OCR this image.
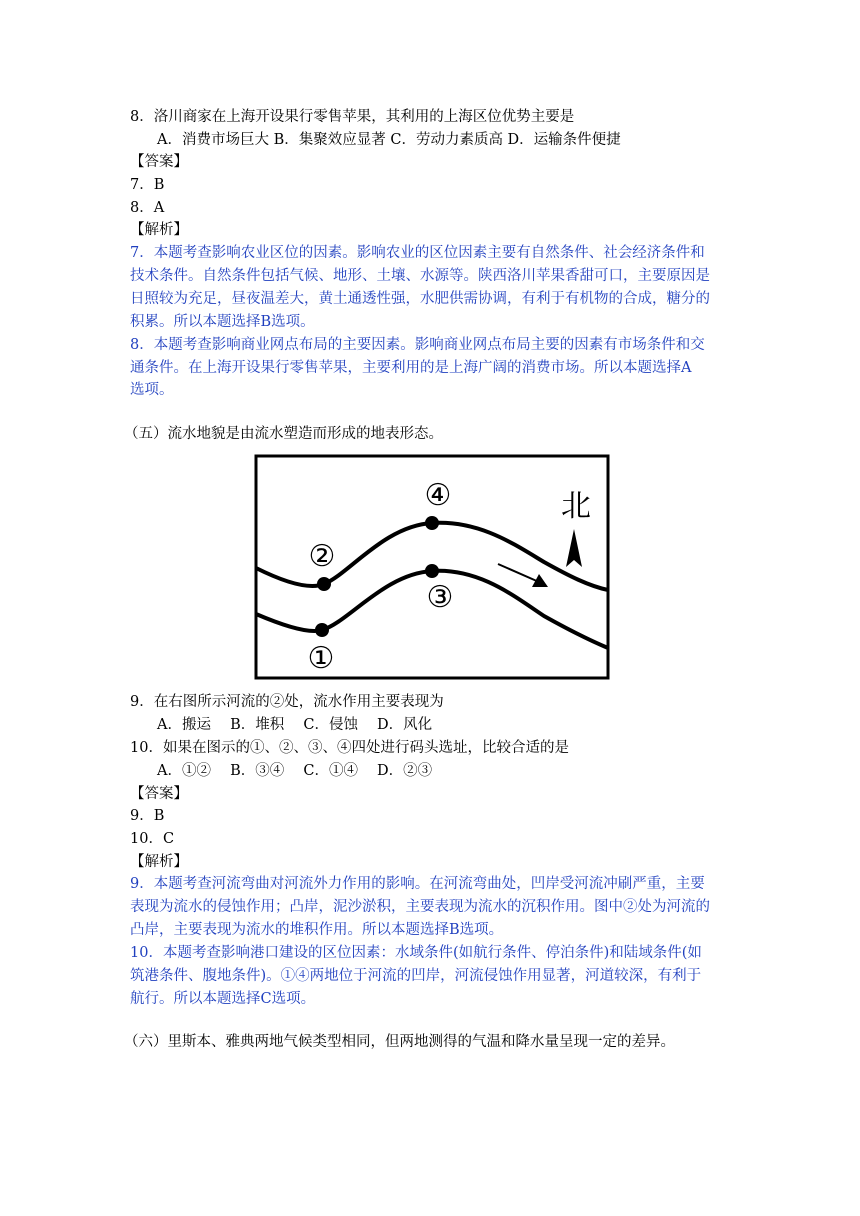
8．洛川商家在上海开设果行零售苹果，其利用的上海区位优势主要是
A．消费市场巨大 B．集聚效应显著 C．劳动力素质高 D．运输条件便捷
【答案】
7．B
8．A
【解析】
7．本题考查影响农业区位的因素。影响农业的区位因素主要有自然条件、社会经济条件和
技术条件。自然条件包括气候、地形、土壤、水源等。陕西洛川苹果香甜可口，主要原因是
日照较为充足，昼夜温差大，黄土通透性强，水肥供需协调，有利于有机物的合成，糖分的
积累。所以本题选择B选项。
8．本题考查影响商业网点布局的主要因素。影响商业网点布局主要的因素有市场条件和交
通条件。在上海开设果行零售苹果，主要利用的是上海广阔的消费市场。所以本题选择A
选项。
（五）流水地貌是由流水塑造而形成的地表形态。
①
②
③
④	北
9．在右图所示河流的②处，流水作用主要表现为
A．搬运　 B．堆积　 C．侵蚀　 D．风化
10．如果在图示的①、②、③、④四处进行码头选址，比较合适的是
A．①②　 B．③④　 C．①④　 D．②③
【答案】
9．B
10．C
【解析】
9．本题考查河流弯曲对河流外力作用的影响。在河流弯曲处，凹岸受河流冲刷严重，主要
表现为流水的侵蚀作用；凸岸，泥沙淤积，主要表现为流水的沉积作用。图中②处为河流的
凸岸，主要表现为流水的堆积作用。所以本题选择B选项。
10．本题考查影响港口建设的区位因素：水域条件(如航行条件、停泊条件)和陆域条件(如
筑港条件、腹地条件)。①④两地位于河流的凹岸，河流侵蚀作用显著，河道较深，有利于
航行。所以本题选择C选项。
（六）里斯本、雅典两地气候类型相同，但两地测得的气温和降水量呈现一定的差异。
